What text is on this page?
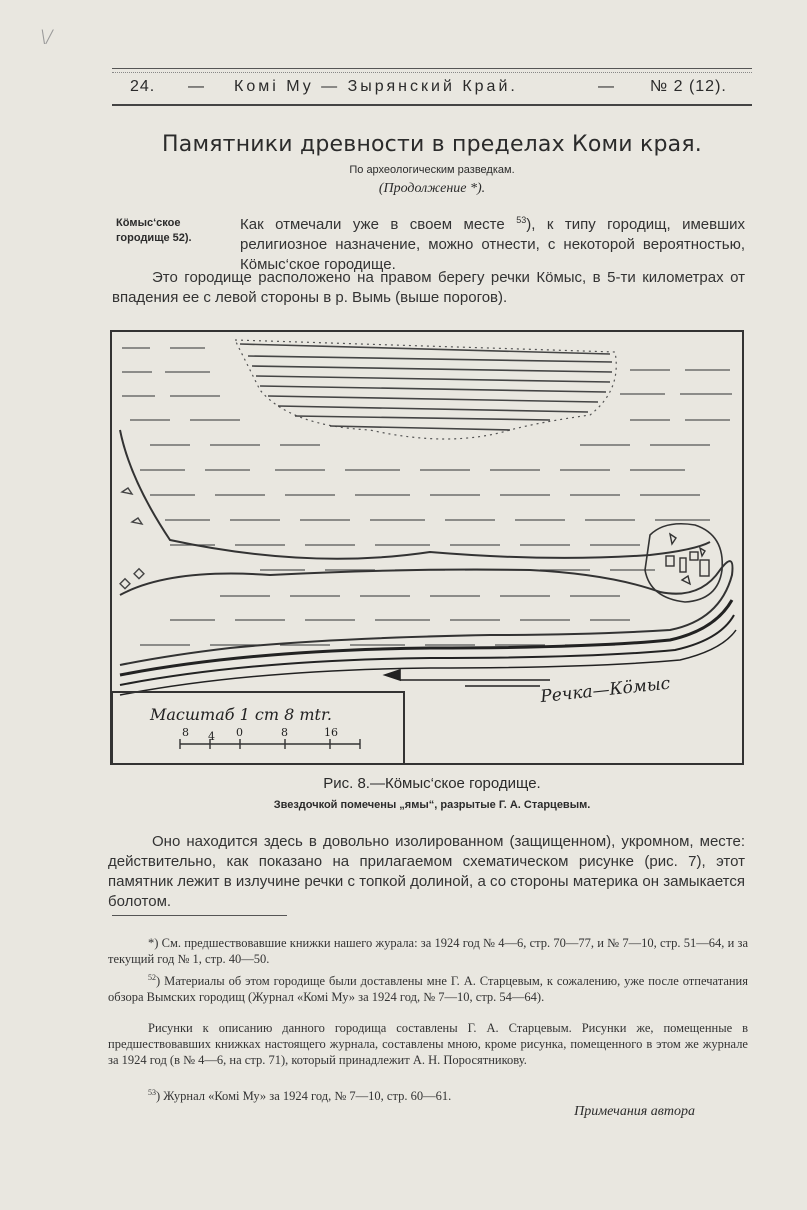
\/
24. — Комі Му — Зырянский Край.	— № 2 (12).
Памятники древности в пределах Коми края.
По археологическим разведкам.
(Продолжение *).
Кöмыс‘ское
городище 52).
Как отмечали уже в своем месте $^{53}$), к типу городищ, имевших религиозное назначение, можно отнести, с некоторой вероятностью, Кöмыс‘ское городище.
Это городище расположено на правом берегу речки Кöмыс, в 5-ти километрах от впадения ее с левой стороны в р. Вымь (выше порогов).
Речка—Кöмыс
Масштаб 1 cm 8 mtr.
8 4 0	8	16
Рис. 8.—Кöмыс‘ское городище.
Звездочкой помечены „ямы“, разрытые Г. А. Старцевым.
Оно находится здесь в довольно изолированном (защищенном), укромном, месте: действительно, как показано на прилагаемом схематическом рисунке (рис. 7), этот памятник лежит в излучине речки с топкой долиной, а со стороны материка он замыкается болотом.
*) См. предшествовавшие книжки нашего журала: за 1924 год № 4—6, стр. 70—77, и № 7—10, стр. 51—64, и за текущий год № 1, стр. 40—50.
$^{52}$) Материалы об этом городище были доставлены мне Г. А. Старцевым, к сожалению, уже после отпечатания обзора Вымских городищ (Журнал «Комі Му» за 1924 год, № 7—10, стр. 54—64).
Рисунки к описанию данного городища составлены Г. А. Старцевым. Рисунки же, помещенные в предшествовавших книжках настоящего журнала, составлены мною, кроме рисунка, помещенного в этом же журнале за 1924 год (в № 4—6, на стр. 71), который принадлежит А. Н. Поросятникову.
$^{53}$) Журнал «Комі Му» за 1924 год, № 7—10, стр. 60—61.
Примечания автора
